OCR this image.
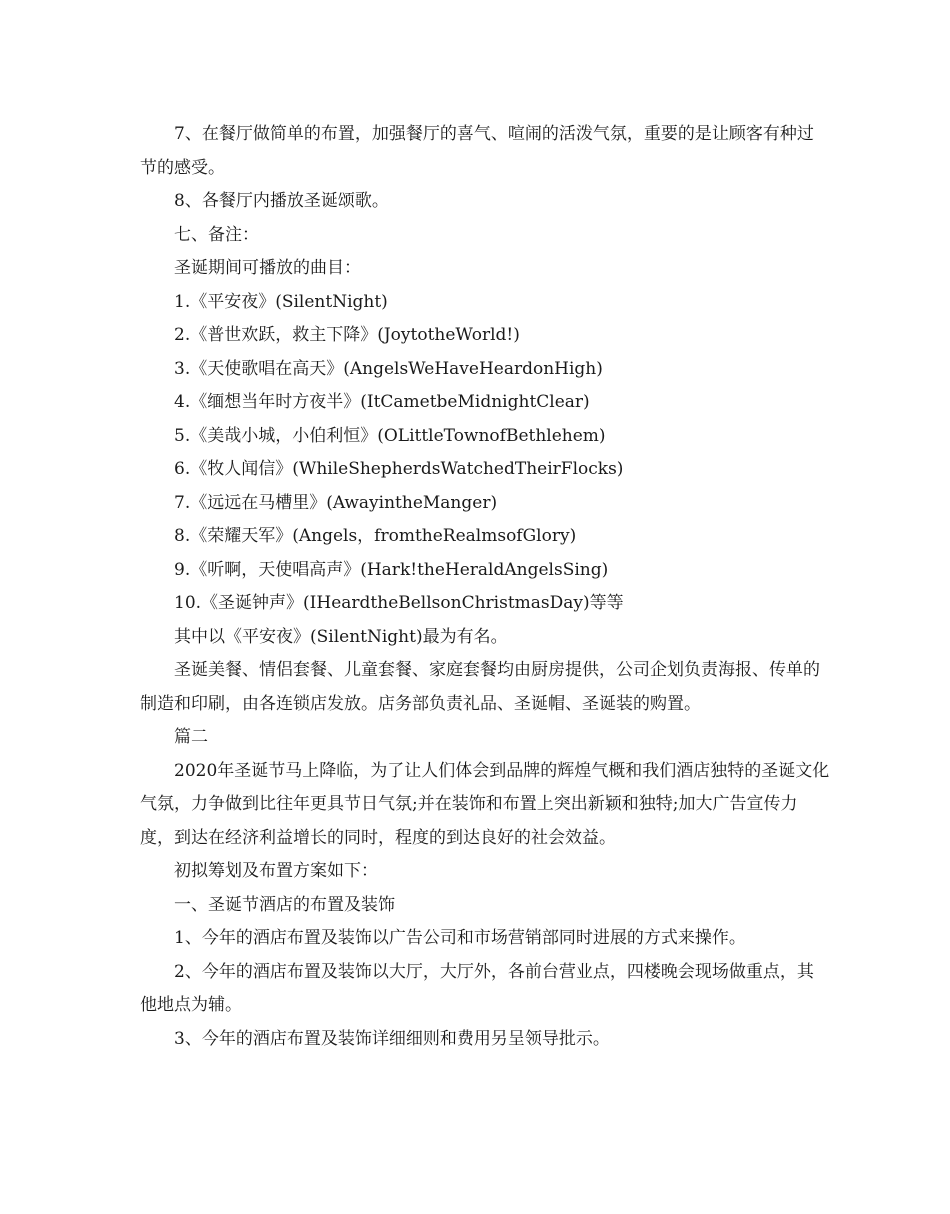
7、在餐厅做简单的布置，加强餐厅的喜气、喧闹的活泼气氛，重要的是让顾客有种过节的感受。

8、各餐厅内播放圣诞颂歌。

七、备注：

圣诞期间可播放的曲目：

1.《平安夜》(SilentNight)

2.《普世欢跃，救主下降》(JoytotheWorld!)

3.《天使歌唱在高天》(AngelsWeHaveHeardonHigh)

4.《缅想当年时方夜半》(ItCametbeMidnightClear)

5.《美哉小城，小伯利恒》(OLittleTownofBethlehem)

6.《牧人闻信》(WhileShepherdsWatchedTheirFlocks)

7.《远远在马槽里》(AwayintheManger)

8.《荣耀天军》(Angels，fromtheRealmsofGlory)

9.《听啊，天使唱高声》(Hark!theHeraldAngelsSing)

10.《圣诞钟声》(IHeardtheBellsonChristmasDay)等等

其中以《平安夜》(SilentNight)最为有名。

圣诞美餐、情侣套餐、儿童套餐、家庭套餐均由厨房提供，公司企划负责海报、传单的制造和印刷，由各连锁店发放。店务部负责礼品、圣诞帽、圣诞装的购置。

篇二

2020年圣诞节马上降临，为了让人们体会到品牌的辉煌气概和我们酒店独特的圣诞文化气氛，力争做到比往年更具节日气氛;并在装饰和布置上突出新颖和独特;加大广告宣传力度，到达在经济利益增长的同时，程度的到达良好的社会效益。

初拟筹划及布置方案如下：

一、圣诞节酒店的布置及装饰

1、今年的酒店布置及装饰以广告公司和市场营销部同时进展的方式来操作。

2、今年的酒店布置及装饰以大厅，大厅外，各前台营业点，四楼晚会现场做重点，其他地点为辅。

3、今年的酒店布置及装饰详细细则和费用另呈领导批示。
